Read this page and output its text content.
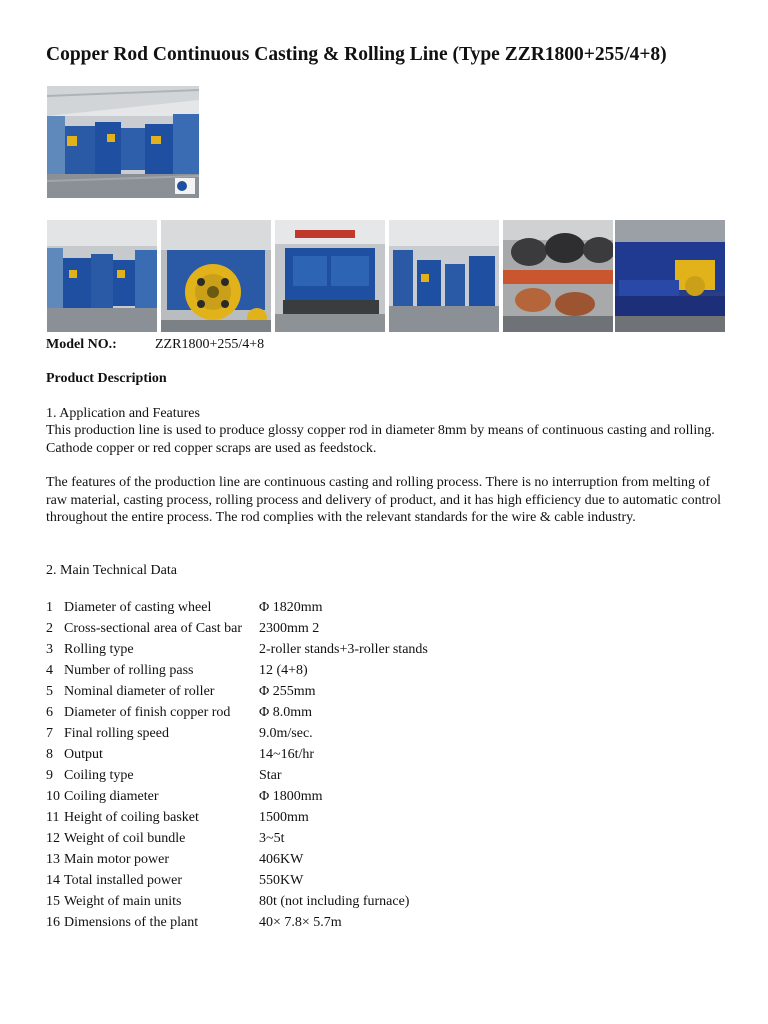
Copper Rod Continuous Casting & Rolling Line (Type ZZR1800+255/4+8)
Model NO.:	ZZR1800+255/4+8
Product Description
1. Application and Features
This production line is used to produce glossy copper rod in diameter 8mm by means of continuous casting and rolling. Cathode copper or red copper scraps are used as feedstock.
The features of the production line are continuous casting and rolling process. There is no interruption from melting of raw material, casting process, rolling process and delivery of product, and it has high efficiency due to automatic control throughout the entire process. The rod complies with the relevant standards for the wire & cable industry.
2. Main Technical Data
1 Diameter of casting wheel	Φ 1820mm
2 Cross-sectional area of Cast bar 2300mm 2
3 Rolling type	2-roller stands+3-roller stands
4 Number of rolling pass	12 (4+8)
5 Nominal diameter of roller	Φ 255mm
6 Diameter of finish copper rod Φ 8.0mm
7 Final rolling speed	9.0m/sec.
8 Output	14~16t/hr
9 Coiling type	Star
10 Coiling diameter	Φ 1800mm
11 Height of coiling basket	1500mm
12 Weight of coil bundle	3~5t
13 Main motor power	406KW
14 Total installed power	550KW
15 Weight of main units	80t (not including furnace)
16 Dimensions of the plant	40× 7.8× 5.7m
